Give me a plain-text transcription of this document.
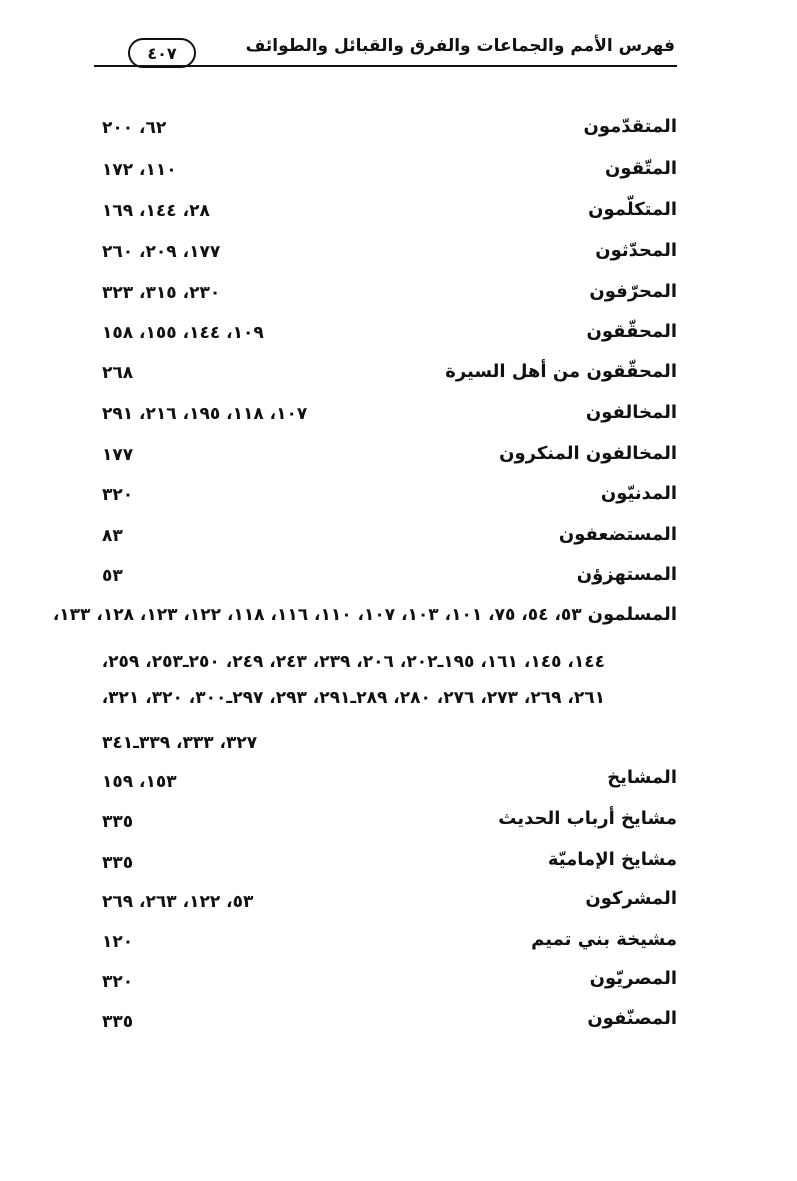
فهرس الأمم والجماعات والفرق والقبائل والطوائف
٤٠٧
المتقدّمون
٦٢، ٢٠٠
المتّقون
١١٠، ١٧٢
المتكلّمون
٢٨، ١٤٤، ١٦٩
المحدّثون
١٧٧، ٢٠٩، ٢٦٠
المحرّفون
٢٣٠، ٣١٥، ٣٢٣
المحقّقون
١٠٩، ١٤٤، ١٥٥، ١٥٨
المحقّقون من أهل السيرة
٢٦٨
المخالفون
١٠٧، ١١٨، ١٩٥، ٢١٦، ٢٩١
المخالفون المنكرون
١٧٧
المدنيّون
٣٢٠
المستضعفون
٨٣
المستهزؤن
٥٣
المسلمون ٥٣، ٥٤، ٧٥، ١٠١، ١٠٣، ١٠٧، ١١٠، ١١٦، ١١٨، ١٢٢، ١٢٣، ١٢٨، ١٣٣،
١٤٤، ١٤٥، ١٦١، ١٩٥ـ٢٠٢، ٢٠٦، ٢٣٩، ٢٤٣، ٢٤٩، ٢٥٠ـ٢٥٣، ٢٥٩،
٢٦١، ٢٦٩، ٢٧٣، ٢٧٦، ٢٨٠، ٢٨٩ـ٢٩١، ٢٩٣، ٢٩٧ـ٣٠٠، ٣٢٠، ٣٢١،
٣٢٧، ٣٣٣، ٣٣٩ـ٣٤١
المشايخ
١٥٣، ١٥٩
مشايخ أرباب الحديث
٣٣٥
مشايخ الإماميّة
٣٣٥
المشركون
٥٣، ١٢٢، ٢٦٣، ٢٦٩
مشيخة بني تميم
١٢٠
المصريّون
٣٢٠
المصنّفون
٣٣٥
